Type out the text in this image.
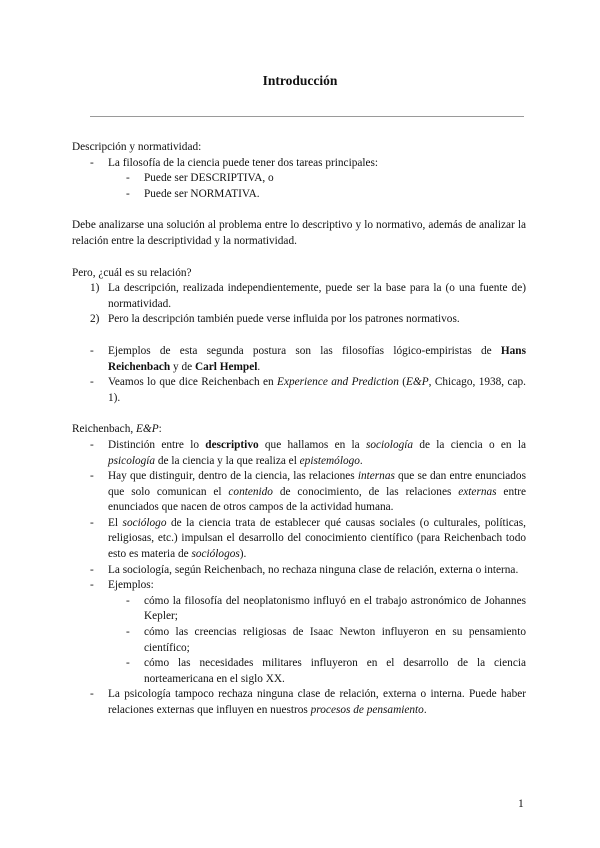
Introducción

Descripción y normatividad:

- La filosofía de la ciencia puede tener dos tareas principales:
- Puede ser DESCRIPTIVA, o
- Puede ser NORMATIVA.

Debe analizarse una solución al problema entre lo descriptivo y lo normativo, además de analizar la relación entre la descriptividad y la normatividad.

Pero, ¿cuál es su relación?

1) La descripción, realizada independientemente, puede ser la base para la (o una fuente de) normatividad.
2) Pero la descripción también puede verse influida por los patrones normativos.
- Ejemplos de esta segunda postura son las filosofías lógico-empiristas de Hans Reichenbach y de Carl Hempel.
- Veamos lo que dice Reichenbach en Experience and Prediction (E&P, Chicago, 1938, cap. 1).

Reichenbach, E&P:

- Distinción entre lo descriptivo que hallamos en la sociología de la ciencia o en la psicología de la ciencia y la que realiza el epistemólogo.
- Hay que distinguir, dentro de la ciencia, las relaciones internas que se dan entre enunciados que solo comunican el contenido de conocimiento, de las relaciones externas entre enunciados que nacen de otros campos de la actividad humana.
- El sociólogo de la ciencia trata de establecer qué causas sociales (o culturales, políticas, religiosas, etc.) impulsan el desarrollo del conocimiento científico (para Reichenbach todo esto es materia de sociólogos).
- La sociología, según Reichenbach, no rechaza ninguna clase de relación, externa o interna.
- Ejemplos:
- cómo la filosofía del neoplatonismo influyó en el trabajo astronómico de Johannes Kepler;
- cómo las creencias religiosas de Isaac Newton influyeron en su pensamiento científico;
- cómo las necesidades militares influyeron en el desarrollo de la ciencia norteamericana en el siglo XX.
- La psicología tampoco rechaza ninguna clase de relación, externa o interna. Puede haber relaciones externas que influyen en nuestros procesos de pensamiento.
1
